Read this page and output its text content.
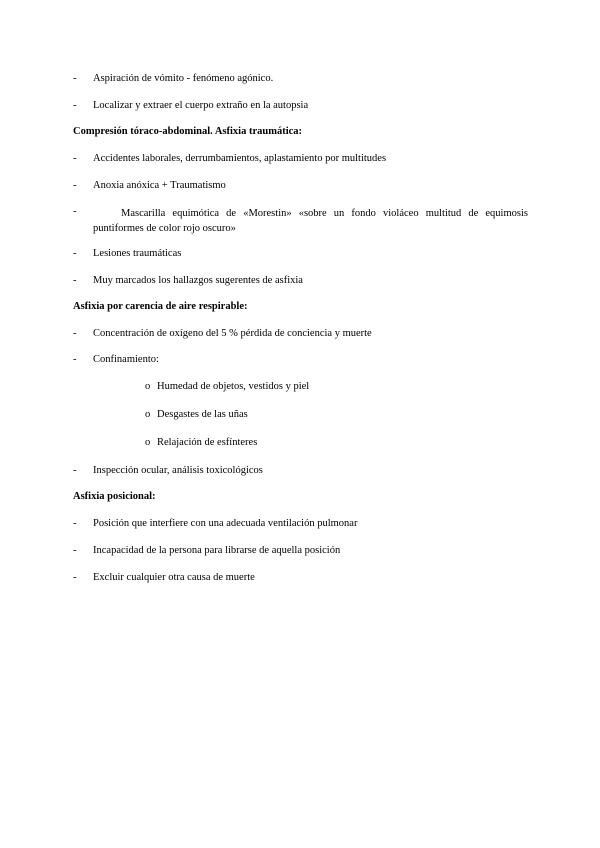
- Aspiración de vómito - fenómeno agónico.
- Localizar y extraer el cuerpo extraño en la autopsia
Compresión tóraco-abdominal. Asfixia traumática:
- Accidentes laborales, derrumbamientos, aplastamiento por multitudes
- Anoxia anóxica + Traumatismo
-	Mascarilla equimótica de «Morestin» «sobre un fondo violáceo multitud de equimosis puntiformes de color rojo oscuro»
- Lesiones traumáticas
- Muy marcados los hallazgos sugerentes de asfixia
Asfixia por carencia de aire respirable:
- Concentración de oxígeno del 5 % pérdida de conciencia y muerte
- Confinamiento:
o Humedad de objetos, vestidos y piel
o Desgastes de las uñas
o Relajación de esfínteres
- Inspección ocular, análisis toxicológicos
Asfixia posicional:
- Posición que interfiere con una adecuada ventilación pulmonar
- Incapacidad de la persona para librarse de aquella posición
- Excluir cualquier otra causa de muerte
